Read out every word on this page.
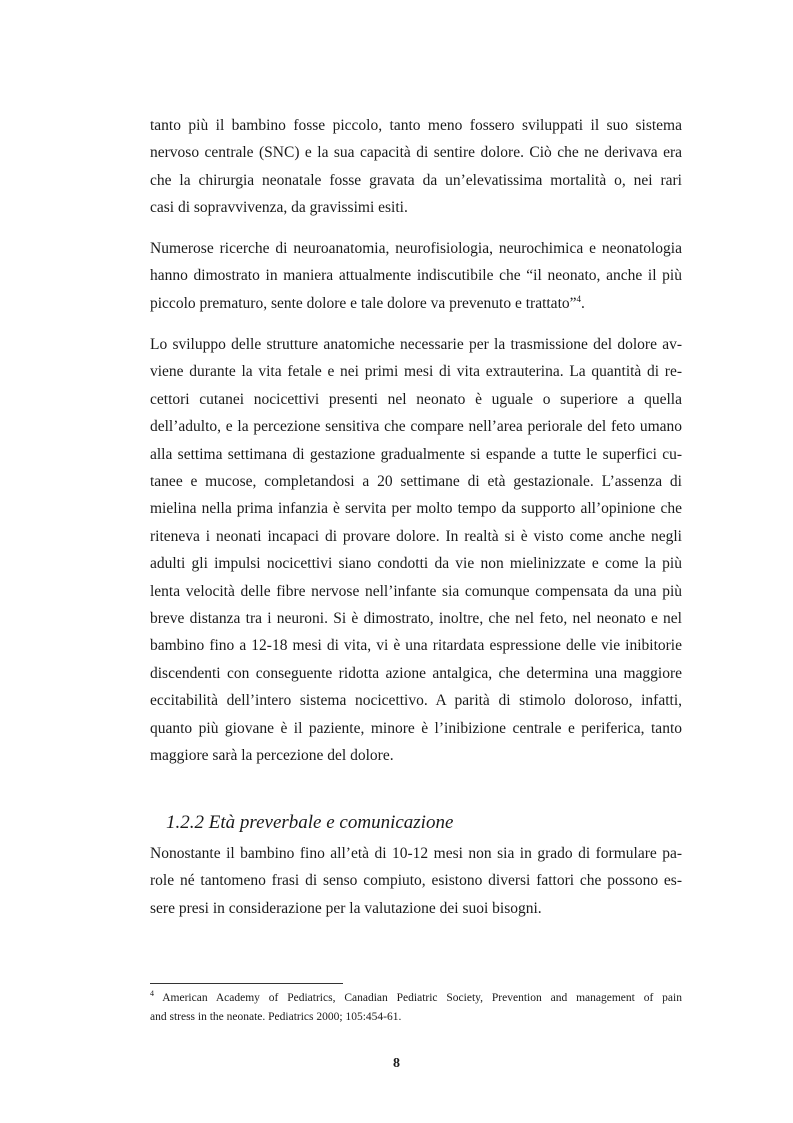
tanto più il bambino fosse piccolo, tanto meno fossero sviluppati il suo sistema
nervoso centrale (SNC) e la sua capacità di sentire dolore. Ciò che ne derivava era
che la chirurgia neonatale fosse gravata da un’elevatissima mortalità o, nei rari
casi di sopravvivenza, da gravissimi esiti.
Numerose ricerche di neuroanatomia, neurofisiologia, neurochimica e neonatologia
hanno dimostrato in maniera attualmente indiscutibile che “il neonato, anche il più
piccolo prematuro, sente dolore e tale dolore va prevenuto e trattato”$^4$.
Lo sviluppo delle strutture anatomiche necessarie per la trasmissione del dolore av-
viene durante la vita fetale e nei primi mesi di vita extrauterina. La quantità di re-
cettori cutanei nocicettivi presenti nel neonato è uguale o superiore a quella
dell’adulto, e la percezione sensitiva che compare nell’area periorale del feto umano
alla settima settimana di gestazione gradualmente si espande a tutte le superfici cu-
tanee e mucose, completandosi a 20 settimane di età gestazionale. L’assenza di
mielina nella prima infanzia è servita per molto tempo da supporto all’opinione che
riteneva i neonati incapaci di provare dolore. In realtà si è visto come anche negli
adulti gli impulsi nocicettivi siano condotti da vie non mielinizzate e come la più
lenta velocità delle fibre nervose nell’infante sia comunque compensata da una più
breve distanza tra i neuroni. Si è dimostrato, inoltre, che nel feto, nel neonato e nel
bambino fino a 12-18 mesi di vita, vi è una ritardata espressione delle vie inibitorie
discendenti con conseguente ridotta azione antalgica, che determina una maggiore
eccitabilità dell’intero sistema nocicettivo. A parità di stimolo doloroso, infatti,
quanto più giovane è il paziente, minore è l’inibizione centrale e periferica, tanto
maggiore sarà la percezione del dolore.
1.2.2 Età preverbale e comunicazione
Nonostante il bambino fino all’età di 10-12 mesi non sia in grado di formulare pa-
role né tantomeno frasi di senso compiuto, esistono diversi fattori che possono es-
sere presi in considerazione per la valutazione dei suoi bisogni.
$^4$ American Academy of Pediatrics, Canadian Pediatric Society, Prevention and management of pain
and stress in the neonate. Pediatrics 2000; 105:454-61.
8
